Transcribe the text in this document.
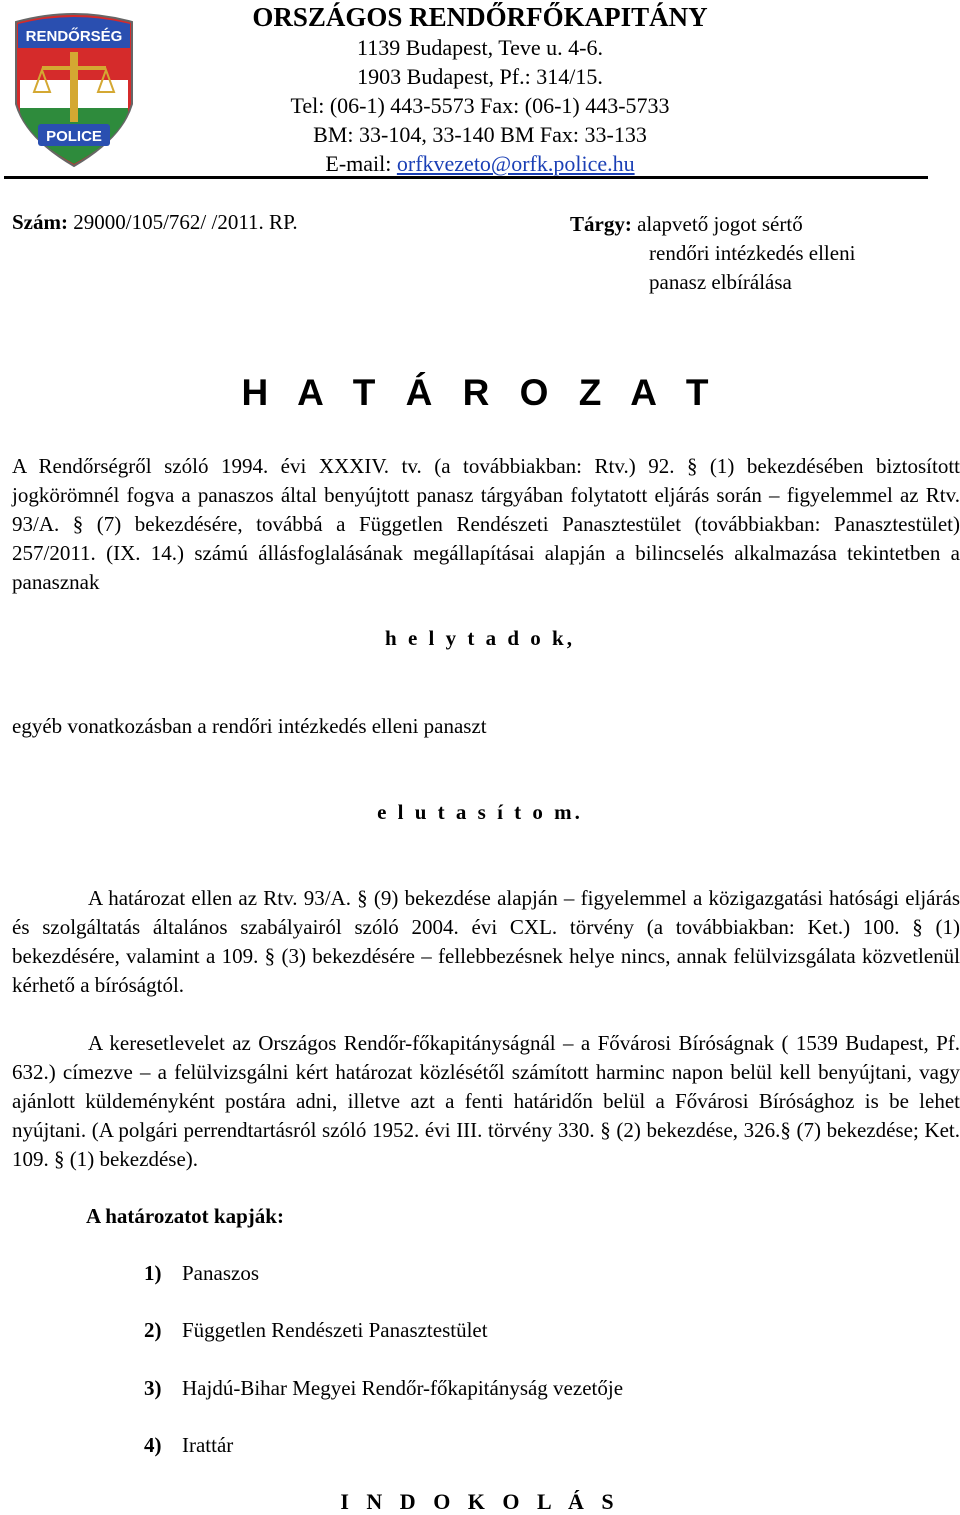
RENDŐRSÉG
POLICE
ORSZÁGOS RENDŐRFŐKAPITÁNY
1139 Budapest, Teve u. 4-6.
1903 Budapest, Pf.: 314/15.
Tel: (06-1) 443-5573 Fax: (06-1) 443-5733
BM: 33-104, 33-140 BM Fax: 33-133
E-mail: orfkvezeto@orfk.police.hu
Szám: 29000/105/762/ /2011. RP.	Tárgy: alapvető jogot sértő
rendőri intézkedés elleni
panasz elbírálása
H A T Á R O Z A T
A Rendőrségről szóló 1994. évi XXXIV. tv. (a továbbiakban: Rtv.) 92. § (1) bekezdésében biztosított jogkörömnél fogva a panaszos által benyújtott panasz tárgyában folytatott eljárás során – figyelemmel az Rtv. 93/A. § (7) bekezdésére, továbbá a Független Rendészeti Panasztestület (továbbiakban: Panasztestület) 257/2011. (IX. 14.) számú állásfoglalásának megállapításai alapján a bilincselés alkalmazása tekintetben a panasznak
h e l y t a d o k,
egyéb vonatkozásban a rendőri intézkedés elleni panaszt
e l u t a s í t o m.
A határozat ellen az Rtv. 93/A. § (9) bekezdése alapján – figyelemmel a közigazgatási hatósági eljárás és szolgáltatás általános szabályairól szóló 2004. évi CXL. törvény (a továbbiakban: Ket.) 100. § (1) bekezdésére, valamint a 109. § (3) bekezdésére – fellebbezésnek helye nincs, annak felülvizsgálata közvetlenül kérhető a bíróságtól.
A keresetlevelet az Országos Rendőr-főkapitányságnál – a Fővárosi Bíróságnak ( 1539 Budapest, Pf. 632.) címezve – a felülvizsgálni kért határozat közlésétől számított harminc napon belül kell benyújtani, vagy ajánlott küldeményként postára adni, illetve azt a fenti határidőn belül a Fővárosi Bírósághoz is be lehet nyújtani. (A polgári perrendtartásról szóló 1952. évi III. törvény 330. § (2) bekezdése, 326.§ (7) bekezdése; Ket. 109. § (1) bekezdése).
A határozatot kapják:
1) Panaszos
2) Független Rendészeti Panasztestület
3) Hajdú-Bihar Megyei Rendőr-főkapitányság vezetője
4) Irattár
I N D O K O L Á S
